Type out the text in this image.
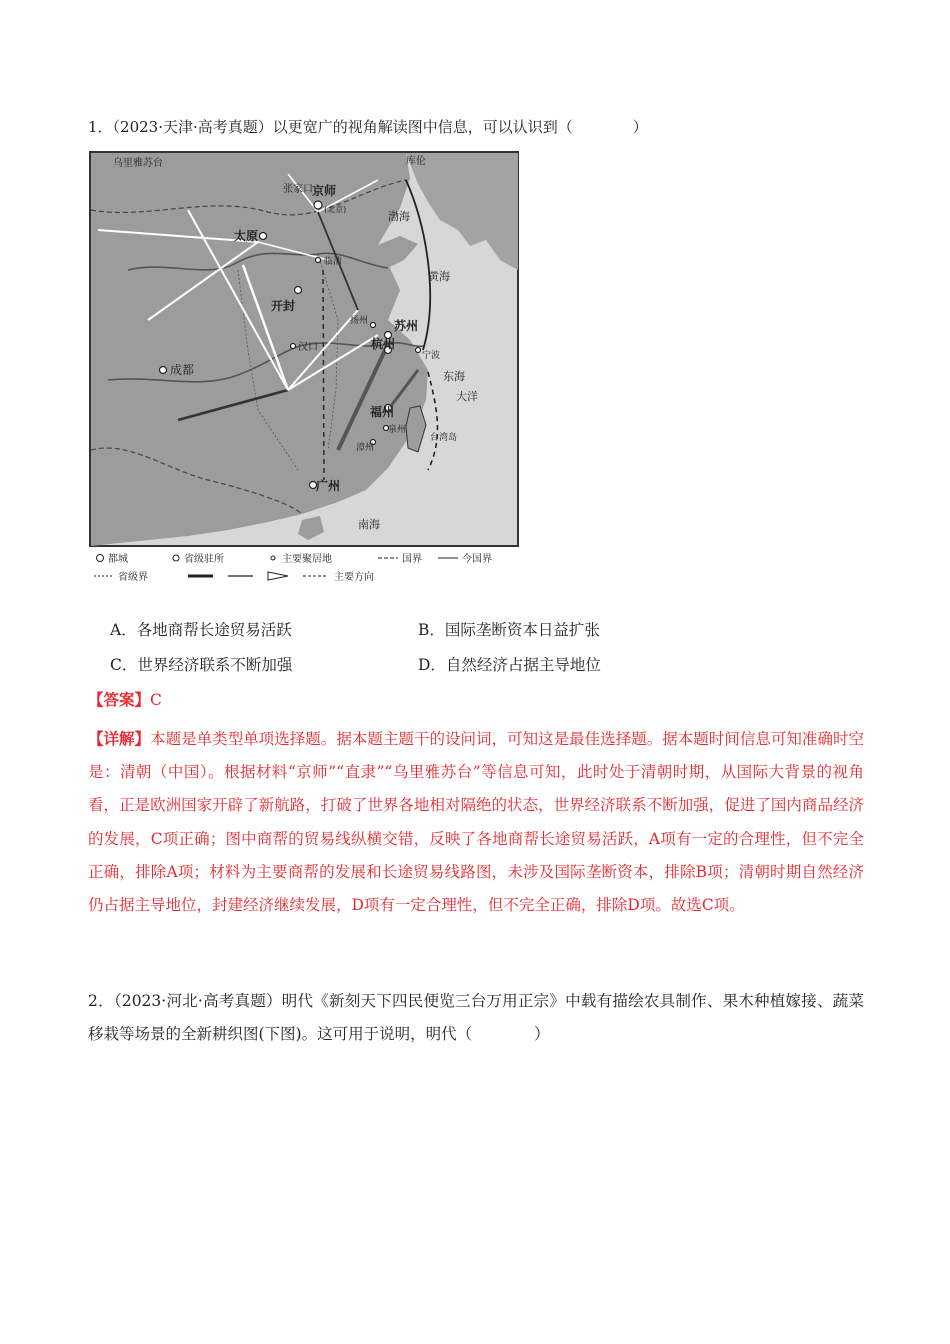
1．（2023·天津·高考真题）以更宽广的视角解读图中信息，可以认识到（　　　　）
乌里雅苏台	库伦
张家口 京师
(北京)
太原
临清
开封
成都
汉口
扬州 苏州
杭州
宁波
福州
泉州
漳州
广州
台湾岛
渤海
黄海
东海
南海
大洋
都城	省级驻所	主要聚居地	国界	今国界
省级界	主要方向
A．各地商帮长途贸易活跃	B．国际垄断资本日益扩张
C．世界经济联系不断加强	D．自然经济占据主导地位
【答案】C
【详解】本题是单类型单项选择题。据本题主题干的设问词，可知这是最佳选择题。据本题时间信息可知准确时空是：清朝（中国）。根据材料“京师”“直隶”“乌里雅苏台”等信息可知，此时处于清朝时期，从国际大背景的视角看，正是欧洲国家开辟了新航路，打破了世界各地相对隔绝的状态，世界经济联系不断加强，促进了国内商品经济的发展，C项正确；图中商帮的贸易线纵横交错，反映了各地商帮长途贸易活跃，A项有一定的合理性，但不完全正确，排除A项；材料为主要商帮的发展和长途贸易线路图，未涉及国际垄断资本，排除B项；清朝时期自然经济仍占据主导地位，封建经济继续发展，D项有一定合理性，但不完全正确，排除D项。故选C项。
2．（2023·河北·高考真题）明代《新刻天下四民便览三台万用正宗》中载有描绘农具制作、果木种植嫁接、蔬菜移栽等场景的全新耕织图(下图)。这可用于说明，明代（　　　　）
